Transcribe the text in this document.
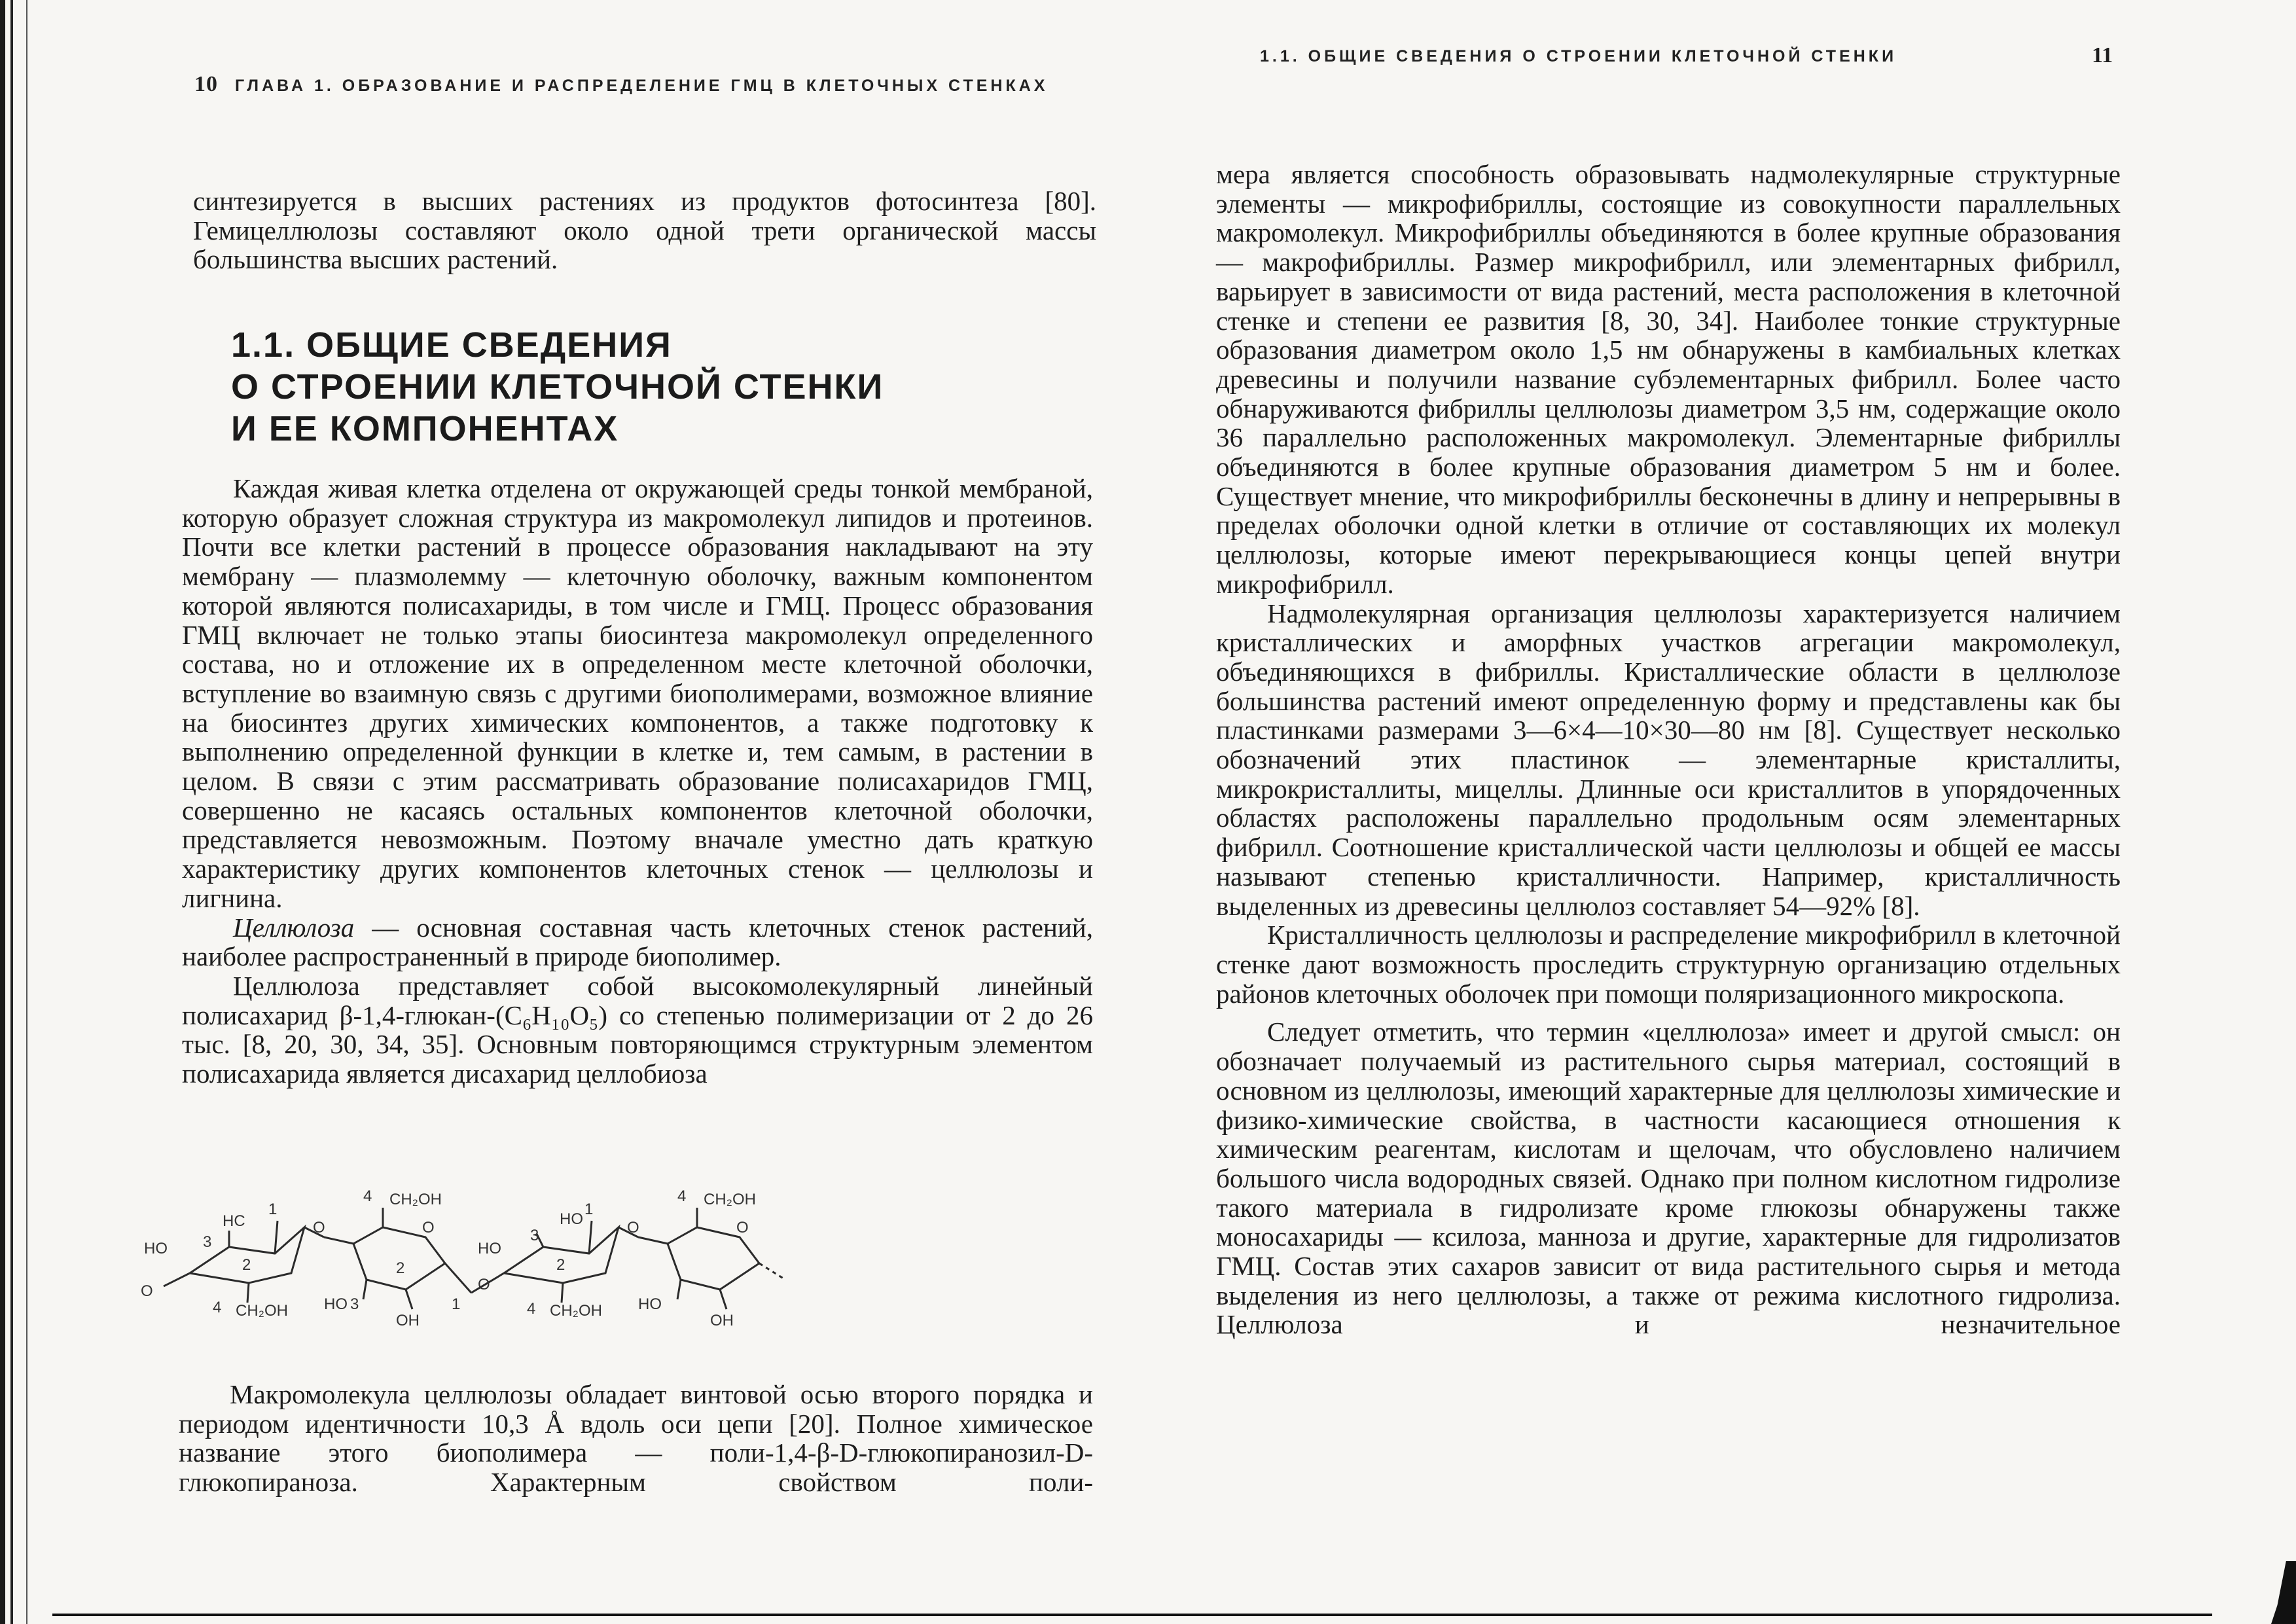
10 ГЛАВА 1. ОБРАЗОВАНИЕ И РАСПРЕДЕЛЕНИЕ ГМЦ В КЛЕТОЧНЫХ СТЕНКАХ

синтезируется в высших растениях из продуктов фотосинтеза [80]. Гемицеллюлозы составляют около одной трети органической массы большинства высших растений.

1.1. ОБЩИЕ СВЕДЕНИЯ
О СТРОЕНИИ КЛЕТОЧНОЙ СТЕНКИ
И ЕЕ КОМПОНЕНТАХ

Каждая живая клетка отделена от окружающей среды тонкой мембраной, которую образует сложная структура из макромолекул липидов и протеинов. Почти все клетки растений в процессе образования накладывают на эту мембрану — плазмолемму — клеточную оболочку, важным компонентом которой являются полисахариды, в том числе и ГМЦ. Процесс образования ГМЦ включает не только этапы биосинтеза макромолекул определенного состава, но и отложение их в определенном месте клеточной оболочки, вступление во взаимную связь с другими биополимерами, возможное влияние на биосинтез других химических компонентов, а также подготовку к выполнению определенной функции в клетке и, тем самым, в растении в целом. В связи с этим рассматривать образование полисахаридов ГМЦ, совершенно не касаясь остальных компонентов клеточной оболочки, представляется невозможным. Поэтому вначале уместно дать краткую характеристику других компонентов клеточных стенок — целлюлозы и лигнина.

Целлюлоза — основная составная часть клеточных стенок растений, наиболее распространенный в природе биополимер.

Целлюлоза представляет собой высокомолекулярный линейный полисахарид β-1,4-глюкан-(C₆H₁₀O₅) со степенью полимеризации от 2 до 26 тыс. [8, 20, 30, 34, 35]. Основным повторяющимся структурным элементом полисахарида является дисахарид целлобиоза

HO 3
HC
1
2
O
4 CH₂OH
O
4 CH₂OH
O
2
HO 3
OH
1
O
HO
3
HO
1
2
4 CH₂OH
O
4 CH₂OH
O
HO
OH

Макромолекула целлюлозы обладает винтовой осью второго порядка и периодом идентичности 10,3 Å вдоль оси цепи [20]. Полное химическое название этого биополимера — поли-1,4-β-D-глюкопиранозил-D-глюкопираноза. Характерным свойством поли-

1.1. ОБЩИЕ СВЕДЕНИЯ О СТРОЕНИИ КЛЕТОЧНОЙ СТЕНКИ	11

мера является способность образовывать надмолекулярные структурные элементы — микрофибриллы, состоящие из совокупности параллельных макромолекул. Микрофибриллы объединяются в более крупные образования — макрофибриллы. Размер микрофибрилл, или элементарных фибрилл, варьирует в зависимости от вида растений, места расположения в клеточной стенке и степени ее развития [8, 30, 34]. Наиболее тонкие структурные образования диаметром около 1,5 нм обнаружены в камбиальных клетках древесины и получили название субэлементарных фибрилл. Более часто обнаруживаются фибриллы целлюлозы диаметром 3,5 нм, содержащие около 36 параллельно расположенных макромолекул. Элементарные фибриллы объединяются в более крупные образования диаметром 5 нм и более. Существует мнение, что микрофибриллы бесконечны в длину и непрерывны в пределах оболочки одной клетки в отличие от составляющих их молекул целлюлозы, которые имеют перекрывающиеся концы цепей внутри микрофибрилл.

Надмолекулярная организация целлюлозы характеризуется наличием кристаллических и аморфных участков агрегации макромолекул, объединяющихся в фибриллы. Кристаллические области в целлюлозе большинства растений имеют определенную форму и представлены как бы пластинками размерами 3—6×4—10×30—80 нм [8]. Существует несколько обозначений этих пластинок — элементарные кристаллиты, микрокристаллиты, мицеллы. Длинные оси кристаллитов в упорядоченных областях расположены параллельно продольным осям элементарных фибрилл. Соотношение кристаллической части целлюлозы и общей ее массы называют степенью кристалличности. Например, кристалличность выделенных из древесины целлюлоз составляет 54—92% [8].

Кристалличность целлюлозы и распределение микрофибрилл в клеточной стенке дают возможность проследить структурную организацию отдельных районов клеточных оболочек при помощи поляризационного микроскопа.

Следует отметить, что термин «целлюлоза» имеет и другой смысл: он обозначает получаемый из растительного сырья материал, состоящий в основном из целлюлозы, имеющий характерные для целлюлозы химические и физико-химические свойства, в частности касающиеся отношения к химическим реагентам, кислотам и щелочам, что обусловлено наличием большого числа водородных связей. Однако при полном кислотном гидролизе такого материала в гидролизате кроме глюкозы обнаружены также моносахариды — ксилоза, манноза и другие, характерные для гидролизатов ГМЦ. Состав этих сахаров зависит от вида растительного сырья и метода выделения из него целлюлозы, а также от режима кислотного гидролиза. Целлюлоза и незначительное
